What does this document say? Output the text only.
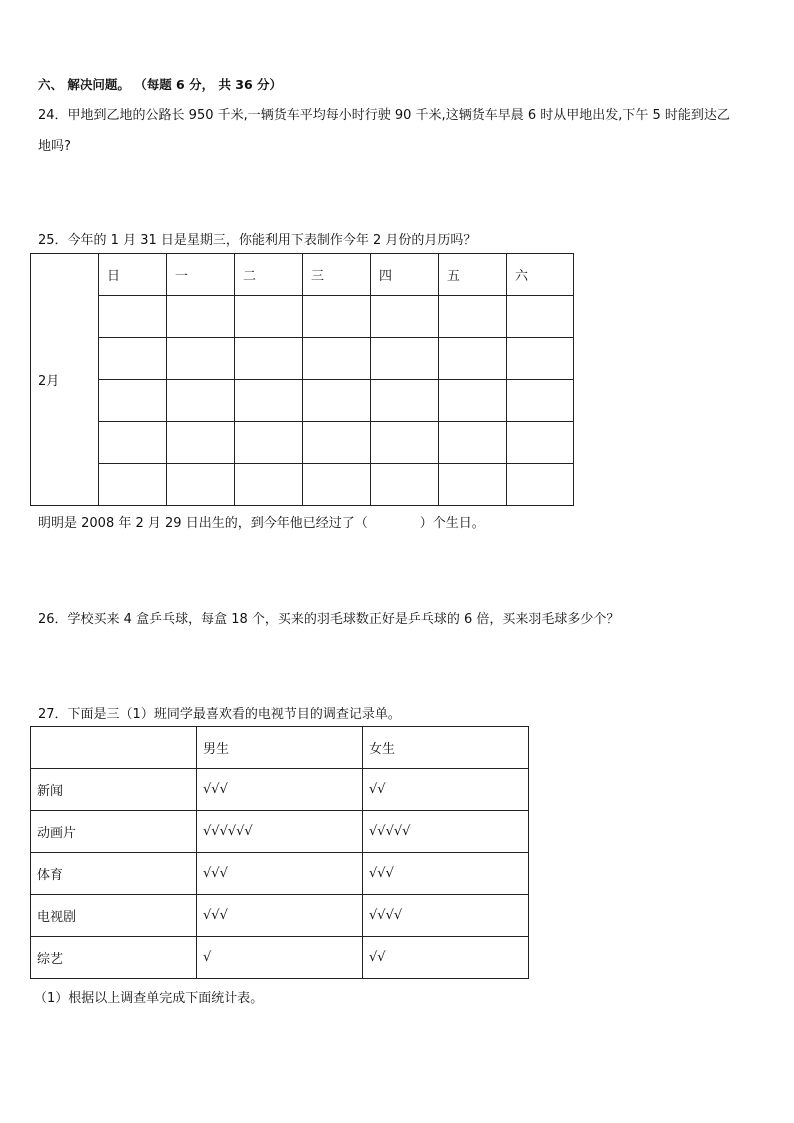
六、 解决问题。 （每题 6 分， 共 36 分）
24．甲地到乙地的公路长 950 千米,一辆货车平均每小时行驶 90 千米,这辆货车早晨 6 时从甲地出发,下午 5 时能到达乙
地吗?
25．今年的 1 月 31 日是星期三，你能利用下表制作今年 2 月份的月历吗？
2月	日	一	二	三	四	五	六

明明是 2008 年 2 月 29 日出生的，到今年他已经过了（　　　　）个生日。
26．学校买来 4 盒乒乓球，每盒 18 个，买来的羽毛球数正好是乒乓球的 6 倍，买来羽毛球多少个？
27．下面是三（1）班同学最喜欢看的电视节目的调查记录单。
	男生	女生
新闻	√√√	√√
动画片	√√√√√√	√√√√√
体育	√√√	√√√
电视剧	√√√	√√√√
综艺	√	√√
（1）根据以上调查单完成下面统计表。
